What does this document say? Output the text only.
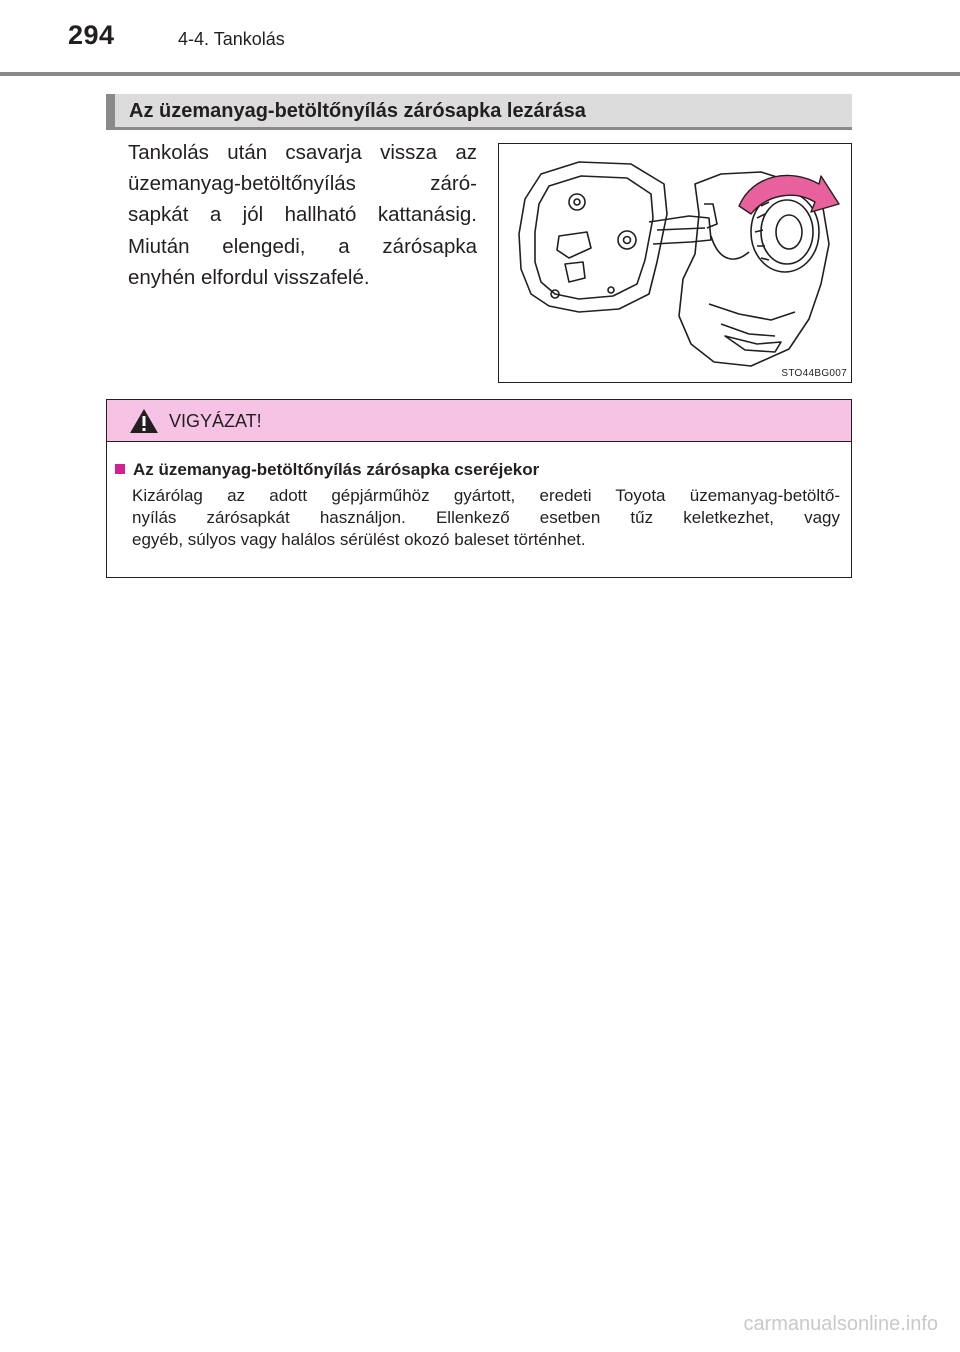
294	4-4. Tankolás
Az üzemanyag-betöltőnyílás zárósapka lezárása

Tankolás után csavarja vissza az

üzemanyag-betöltőnyílás záró-

sapkát a jól hallható kattanásig.

Miután elengedi, a zárósapka

enyhén elfordul visszafelé.

STO44BG007
VIGYÁZAT!
Az üzemanyag-betöltőnyílás zárósapka cseréjekor

Kizárólag az adott gépjárműhöz gyártott, eredeti Toyota üzemanyag-betöltő-

nyílás zárósapkát használjon. Ellenkező esetben tűz keletkezhet, vagy

egyéb, súlyos vagy halálos sérülést okozó baleset történhet.

carmanualsonline.info
